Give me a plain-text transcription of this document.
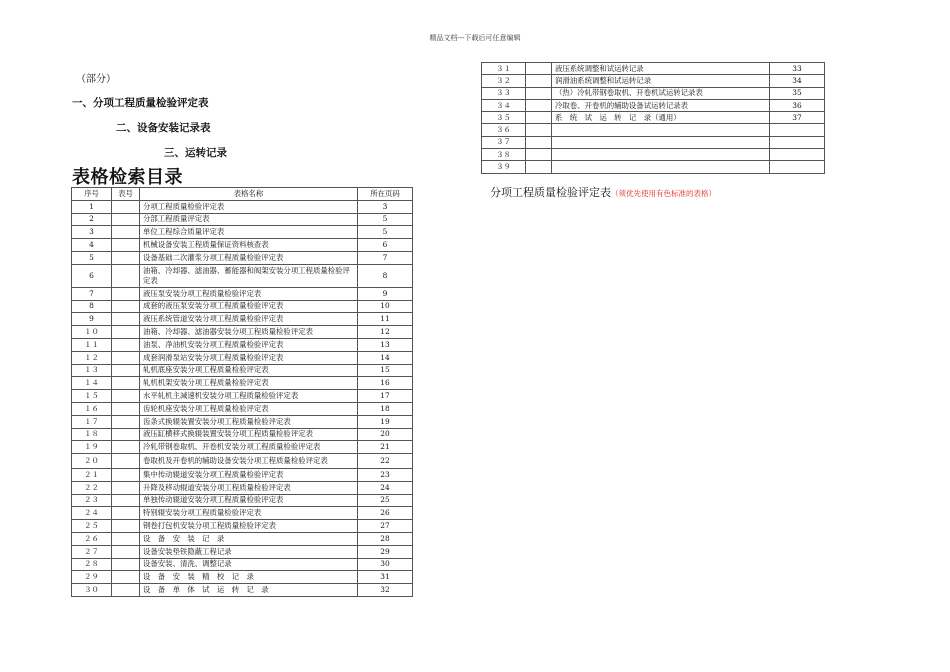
精品文档---下载后可任意编辑
（部分）
一、分项工程质量检验评定表
二、设备安装记录表
三、运转记录
表格检索目录
序号	表号	表格名称	所在页码
1		分项工程质量检验评定表	3
2		分部工程质量评定表	5
3		单位工程综合质量评定表	5
4		机械设备安装工程质量保证资料核查表	6
5		设备基础二次灌浆分项工程质量检验评定表	7
6		油箱、冷却器、滤油器、蓄能器和阀架安装分项工程质量检验评定表	8
7		液压泵安装分项工程质量检验评定表	9
8		成套的液压泵安装分项工程质量检验评定表	10
9		液压系统管道安装分项工程质量检验评定表	11
１０		油箱、冷却器、滤油器安装分项工程质量检验评定表	12
１１		油泵、净油机安装分项工程质量检验评定表	13
１２		成套润滑泵站安装分项工程质量检验评定表	14
１３		轧机底座安装分项工程质量检验评定表	15
１４		轧机机架安装分项工程质量检验评定表	16
１５		水平轧机主减速机安装分项工程质量检验评定表	17
１６		齿轮机座安装分项工程质量检验评定表	18
１７		齿条式换辊装置安装分项工程质量检验评定表	19
１８		液压缸横移式换辊装置安装分项工程质量检验评定表	20
１９		冷轧带钢卷取机、开卷机安装分项工程质量检验评定表	21
２０		卷取机及开卷机的辅助设备安装分项工程质量检验评定表	22
２１		集中传动辊道安装分项工程质量检验评定表	23
２２		升降及移动辊道安装分项工程质量检验评定表	24
２３		单独传动辊道安装分项工程质量检验评定表	25
２４		特别辊安装分项工程质量检验评定表	26
２５		钢卷打包机安装分项工程质量检验评定表	27
２６		设　备　安　装　记　录	28
２７		设备安装垫铁隐蔽工程记录	29
２８		设备安装、清洗、调整记录	30
２９		设　备　安　装　精　校　记　录	31
３０		设　备　单　体　试　运　转　记　录	32
３１		液压系统调整和试运转记录	33
３２		润滑油系统调整和试运转记录	34
３３		（热）冷轧带钢卷取机、开卷机试运转记录表	35
３４		冷取卷、开卷机的辅助设备试运转记录表	36
３５		系　统　试　运　转　记　录（通用）	37
３６			
３７			
３８			
３９			
分项工程质量检验评定表（须优先使用有色标准的表格）
